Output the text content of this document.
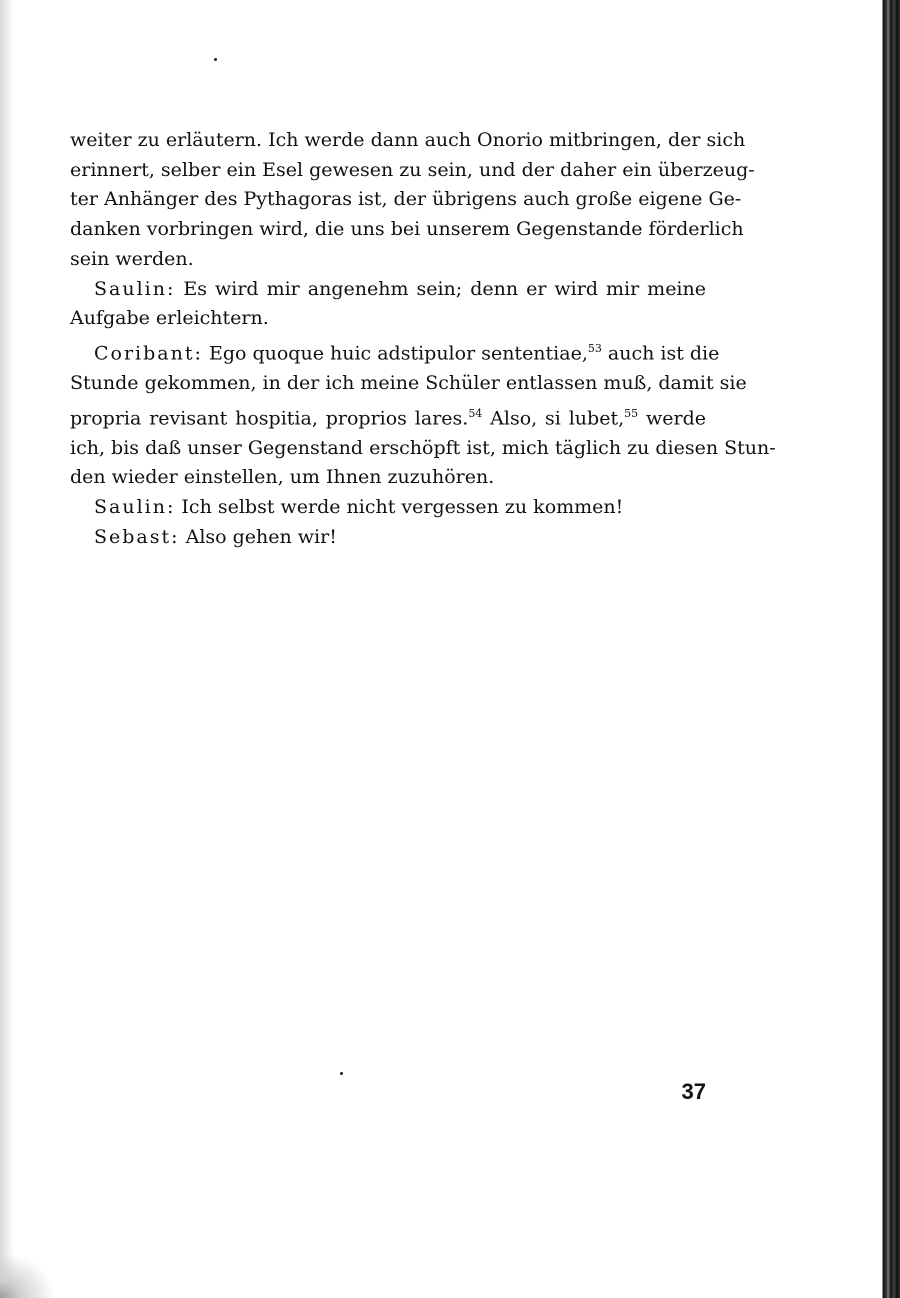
weiter zu erläutern. Ich werde dann auch Onorio mitbringen, der sich
erinnert, selber ein Esel gewesen zu sein, und der daher ein überzeug-
ter Anhänger des Pythagoras ist, der übrigens auch große eigene Ge-
danken vorbringen wird, die uns bei unserem Gegenstande förderlich
sein werden.

Saulin: Es wird mir angenehm sein; denn er wird mir meine
Aufgabe erleichtern.

Coribant: Ego quoque huic adstipulor sententiae,$^{53}$ auch ist die
Stunde gekommen, in der ich meine Schüler entlassen muß, damit sie
propria revisant hospitia, proprios lares.$^{54}$ Also, si lubet,$^{55}$ werde
ich, bis daß unser Gegenstand erschöpft ist, mich täglich zu diesen Stun-
den wieder einstellen, um Ihnen zuzuhören.

Saulin: Ich selbst werde nicht vergessen zu kommen!

Sebast: Also gehen wir!

37
